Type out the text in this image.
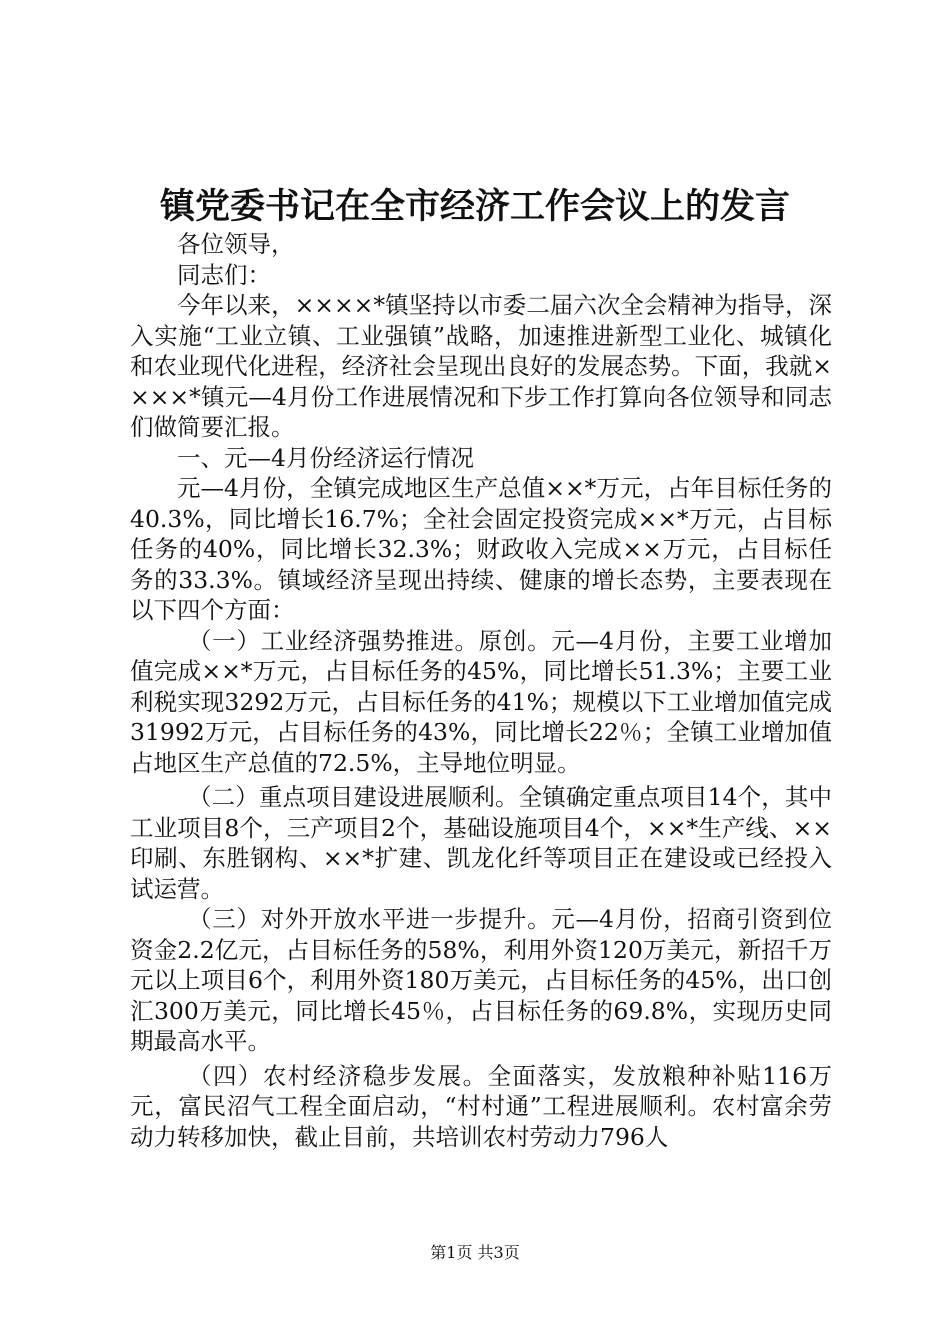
镇党委书记在全市经济工作会议上的发言

各位领导，

同志们：

今年以来，××××*镇坚持以市委二届六次全会精神为指导，深入实施“工业立镇、工业强镇”战略，加速推进新型工业化、城镇化和农业现代化进程，经济社会呈现出良好的发展态势。下面，我就××××*镇元—4月份工作进展情况和下步工作打算向各位领导和同志们做简要汇报。

一、元—4月份经济运行情况

元—4月份，全镇完成地区生产总值××*万元，占年目标任务的40.3%，同比增长16.7%；全社会固定投资完成××*万元，占目标任务的40%，同比增长32.3%；财政收入完成××万元，占目标任务的33.3%。镇域经济呈现出持续、健康的增长态势，主要表现在以下四个方面：

（一）工业经济强势推进。原创。元—4月份，主要工业增加值完成××*万元，占目标任务的45%，同比增长51.3%；主要工业利税实现3292万元，占目标任务的41%；规模以下工业增加值完成31992万元，占目标任务的43%，同比增长22％；全镇工业增加值占地区生产总值的72.5%，主导地位明显。

（二）重点项目建设进展顺利。全镇确定重点项目14个，其中工业项目8个，三产项目2个，基础设施项目4个，××*生产线、××印刷、东胜钢构、××*扩建、凯龙化纤等项目正在建设或已经投入试运营。

（三）对外开放水平进一步提升。元—4月份，招商引资到位资金2.2亿元，占目标任务的58%，利用外资120万美元，新招千万元以上项目6个，利用外资180万美元，占目标任务的45%，出口创汇300万美元，同比增长45％，占目标任务的69.8%，实现历史同期最高水平。

（四）农村经济稳步发展。全面落实，发放粮种补贴116万元，富民沼气工程全面启动，“村村通”工程进展顺利。农村富余劳动力转移加快，截止目前，共培训农村劳动力796人

第1页 共3页
